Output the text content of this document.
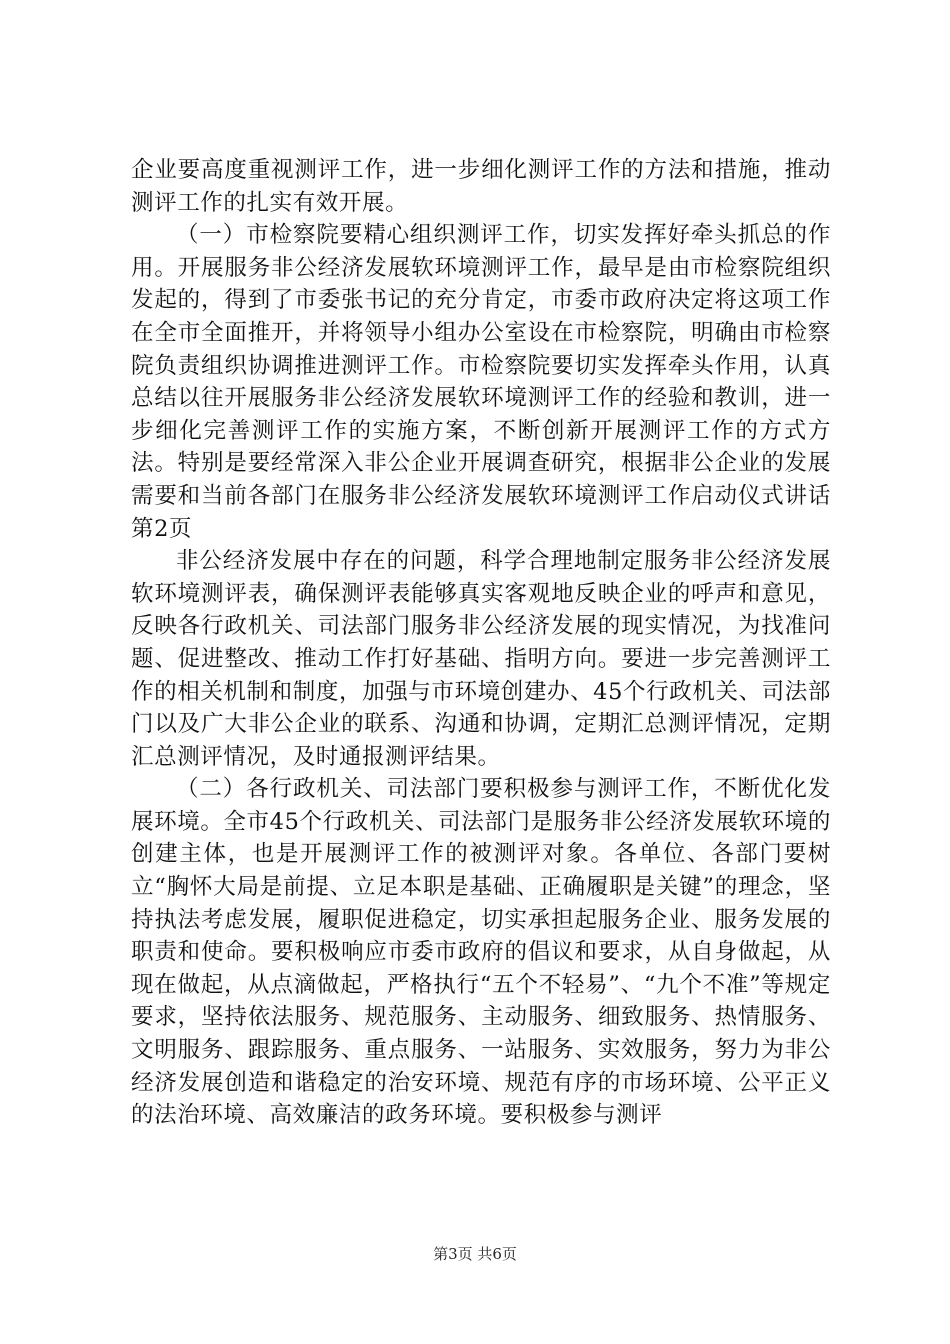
企业要高度重视测评工作，进一步细化测评工作的方法和措施，推动测评工作的扎实有效开展。

（一）市检察院要精心组织测评工作，切实发挥好牵头抓总的作用。开展服务非公经济发展软环境测评工作，最早是由市检察院组织发起的，得到了市委张书记的充分肯定，市委市政府决定将这项工作在全市全面推开，并将领导小组办公室设在市检察院，明确由市检察院负责组织协调推进测评工作。市检察院要切实发挥牵头作用，认真总结以往开展服务非公经济发展软环境测评工作的经验和教训，进一步细化完善测评工作的实施方案，不断创新开展测评工作的方式方法。特别是要经常深入非公企业开展调查研究，根据非公企业的发展需要和当前各部门在服务非公经济发展软环境测评工作启动仪式讲话第2页

非公经济发展中存在的问题，科学合理地制定服务非公经济发展软环境测评表，确保测评表能够真实客观地反映企业的呼声和意见，反映各行政机关、司法部门服务非公经济发展的现实情况，为找准问题、促进整改、推动工作打好基础、指明方向。要进一步完善测评工作的相关机制和制度，加强与市环境创建办、45个行政机关、司法部门以及广大非公企业的联系、沟通和协调，定期汇总测评情况，定期汇总测评情况，及时通报测评结果。

（二）各行政机关、司法部门要积极参与测评工作，不断优化发展环境。全市45个行政机关、司法部门是服务非公经济发展软环境的创建主体，也是开展测评工作的被测评对象。各单位、各部门要树立“胸怀大局是前提、立足本职是基础、正确履职是关键”的理念，坚持执法考虑发展，履职促进稳定，切实承担起服务企业、服务发展的职责和使命。要积极响应市委市政府的倡议和要求，从自身做起，从现在做起，从点滴做起，严格执行“五个不轻易”、“九个不准”等规定要求，坚持依法服务、规范服务、主动服务、细致服务、热情服务、文明服务、跟踪服务、重点服务、一站服务、实效服务，努力为非公经济发展创造和谐稳定的治安环境、规范有序的市场环境、公平正义的法治环境、高效廉洁的政务环境。要积极参与测评

第3页 共6页
